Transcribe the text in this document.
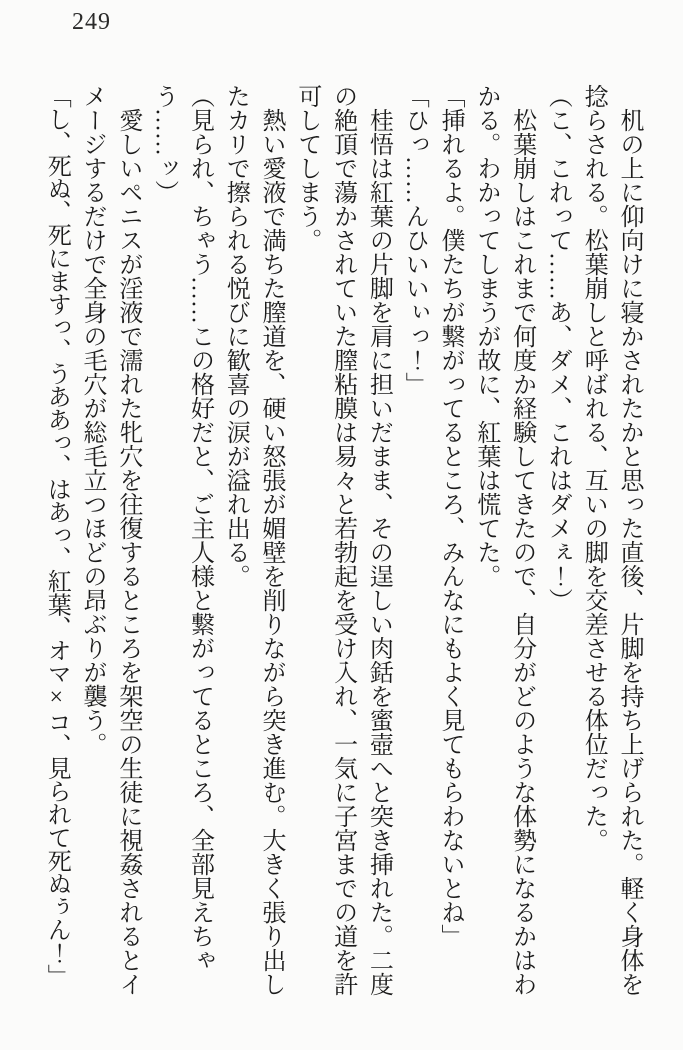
249

　机の上に仰向けに寝かされたかと思った直後、片脚を持ち上げられた。軽く身体を捻らされる。松葉崩しと呼ばれる、互いの脚を交差させる体位だった。

（こ、これって……あ、ダメ、これはダメぇ！）

　松葉崩しはこれまで何度か経験してきたので、自分がどのような体勢になるかはわかる。わかってしまうが故に、紅葉は慌てた。

「挿れるよ。僕たちが繋がってるところ、みんなにもよく見てもらわないとね」

「ひっ……んひいいぃっ！」

　桂悟は紅葉の片脚を肩に担いだまま、その逞しい肉銛を蜜壺へと突き挿れた。二度の絶頂で蕩かされていた膣粘膜は易々と若勃起を受け入れ、一気に子宮までの道を許可してしまう。

　熱い愛液で満ちた膣道を、硬い怒張が媚壁を削りながら突き進む。大きく張り出したカリで擦られる悦びに歓喜の涙が溢れ出る。

（見られ、ちゃう……この格好だと、ご主人様と繋がってるところ、全部見えちゃう……ッ）

　愛しいペニスが淫液で濡れた牝穴を往復するところを架空の生徒に視姦されるとイメージするだけで全身の毛穴が総毛立つほどの昂ぶりが襲う。

「し、死ぬ、死にますっ、うああっ、はあっ、紅葉、オマ×コ、見られて死ぬぅん！」
